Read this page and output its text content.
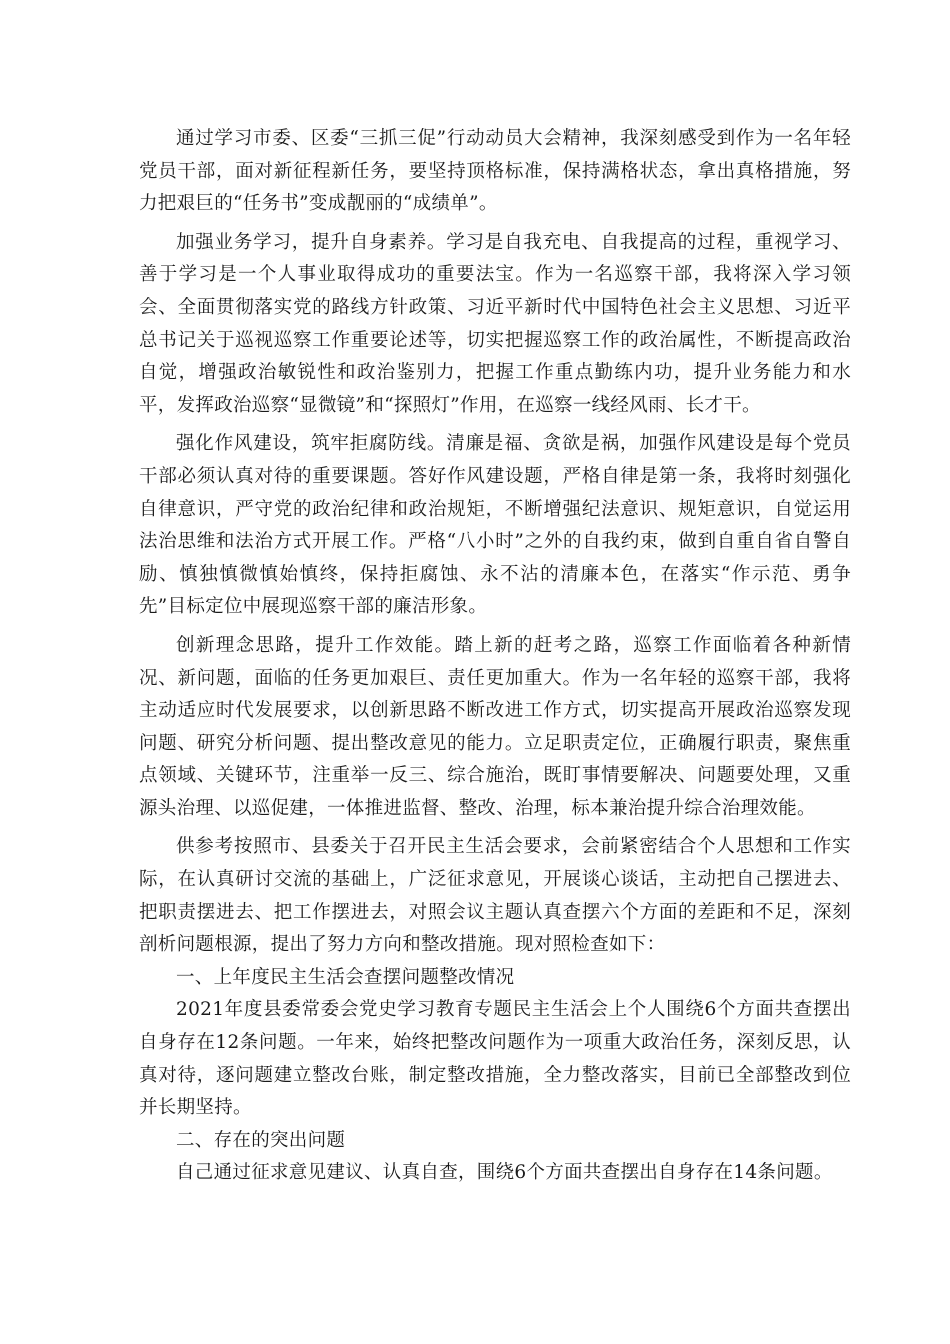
通过学习市委、区委“三抓三促”行动动员大会精神，我深刻感受到作为一名年轻党员干部，面对新征程新任务，要坚持顶格标准，保持满格状态，拿出真格措施，努力把艰巨的“任务书”变成靓丽的“成绩单”。

加强业务学习，提升自身素养。学习是自我充电、自我提高的过程，重视学习、善于学习是一个人事业取得成功的重要法宝。作为一名巡察干部，我将深入学习领会、全面贯彻落实党的路线方针政策、习近平新时代中国特色社会主义思想、习近平总书记关于巡视巡察工作重要论述等，切实把握巡察工作的政治属性，不断提高政治自觉，增强政治敏锐性和政治鉴别力，把握工作重点勤练内功，提升业务能力和水平，发挥政治巡察“显微镜”和“探照灯”作用，在巡察一线经风雨、长才干。

强化作风建设，筑牢拒腐防线。清廉是福、贪欲是祸，加强作风建设是每个党员干部必须认真对待的重要课题。答好作风建设题，严格自律是第一条，我将时刻强化自律意识，严守党的政治纪律和政治规矩，不断增强纪法意识、规矩意识，自觉运用法治思维和法治方式开展工作。严格“八小时”之外的自我约束，做到自重自省自警自励、慎独慎微慎始慎终，保持拒腐蚀、永不沾的清廉本色，在落实“作示范、勇争先”目标定位中展现巡察干部的廉洁形象。

创新理念思路，提升工作效能。踏上新的赶考之路，巡察工作面临着各种新情况、新问题，面临的任务更加艰巨、责任更加重大。作为一名年轻的巡察干部，我将主动适应时代发展要求，以创新思路不断改进工作方式，切实提高开展政治巡察发现问题、研究分析问题、提出整改意见的能力。立足职责定位，正确履行职责，聚焦重点领域、关键环节，注重举一反三、综合施治，既盯事情要解决、问题要处理，又重源头治理、以巡促建，一体推进监督、整改、治理，标本兼治提升综合治理效能。

供参考按照市、县委关于召开民主生活会要求，会前紧密结合个人思想和工作实际，在认真研讨交流的基础上，广泛征求意见，开展谈心谈话，主动把自己摆进去、把职责摆进去、把工作摆进去，对照会议主题认真查摆六个方面的差距和不足，深刻剖析问题根源，提出了努力方向和整改措施。现对照检查如下：

一、上年度民主生活会查摆问题整改情况

2021年度县委常委会党史学习教育专题民主生活会上个人围绕6个方面共查摆出自身存在12条问题。一年来，始终把整改问题作为一项重大政治任务，深刻反思，认真对待，逐问题建立整改台账，制定整改措施，全力整改落实，目前已全部整改到位并长期坚持。

二、存在的突出问题

自己通过征求意见建议、认真自查，围绕6个方面共查摆出自身存在14条问题。
